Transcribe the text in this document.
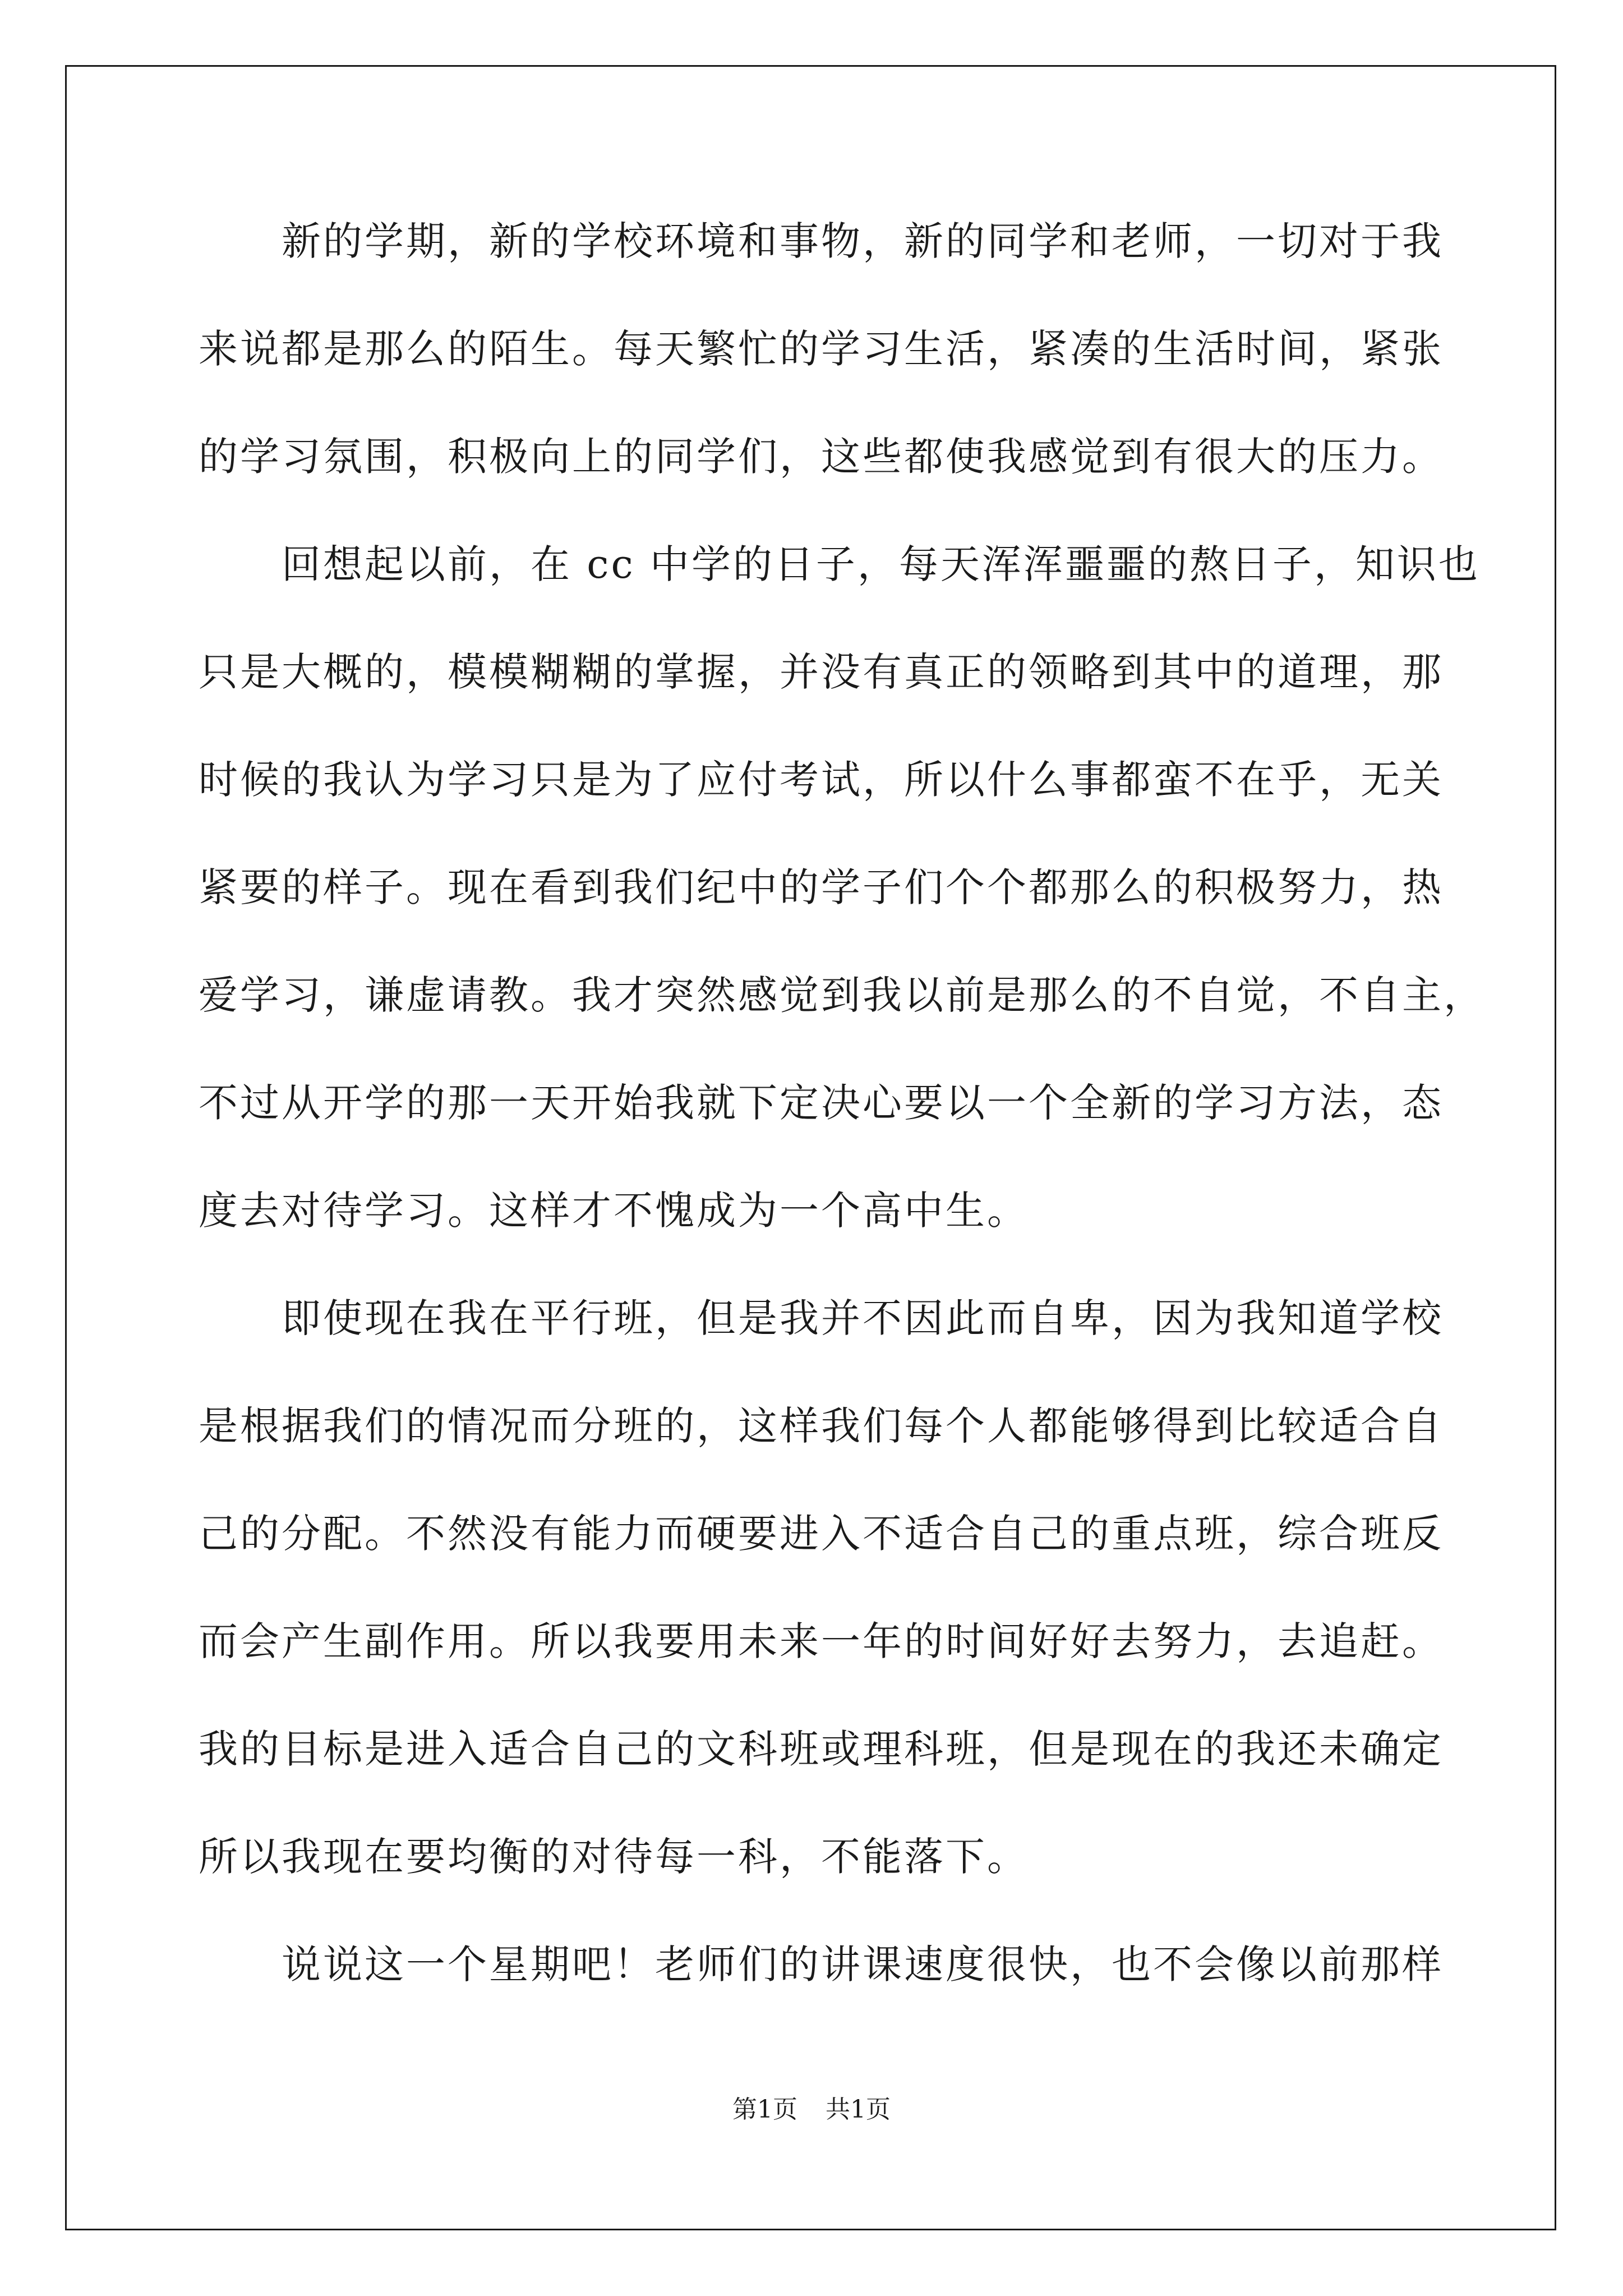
　　新的学期，新的学校环境和事物，新的同学和老师，一切对于我
来说都是那么的陌生。每天繁忙的学习生活，紧凑的生活时间，紧张
的学习氛围，积极向上的同学们，这些都使我感觉到有很大的压力。
　　回想起以前，在 cc 中学的日子，每天浑浑噩噩的熬日子，知识也
只是大概的，模模糊糊的掌握，并没有真正的领略到其中的道理，那
时候的我认为学习只是为了应付考试，所以什么事都蛮不在乎，无关
紧要的样子。现在看到我们纪中的学子们个个都那么的积极努力，热
爱学习，谦虚请教。我才突然感觉到我以前是那么的不自觉，不自主，
不过从开学的那一天开始我就下定决心要以一个全新的学习方法，态
度去对待学习。这样才不愧成为一个高中生。
　　即使现在我在平行班，但是我并不因此而自卑，因为我知道学校
是根据我们的情况而分班的，这样我们每个人都能够得到比较适合自
己的分配。不然没有能力而硬要进入不适合自己的重点班，综合班反
而会产生副作用。所以我要用未来一年的时间好好去努力，去追赶。
我的目标是进入适合自己的文科班或理科班，但是现在的我还未确定
所以我现在要均衡的对待每一科，不能落下。
　　说说这一个星期吧！老师们的讲课速度很快，也不会像以前那样
第1页 共1页
